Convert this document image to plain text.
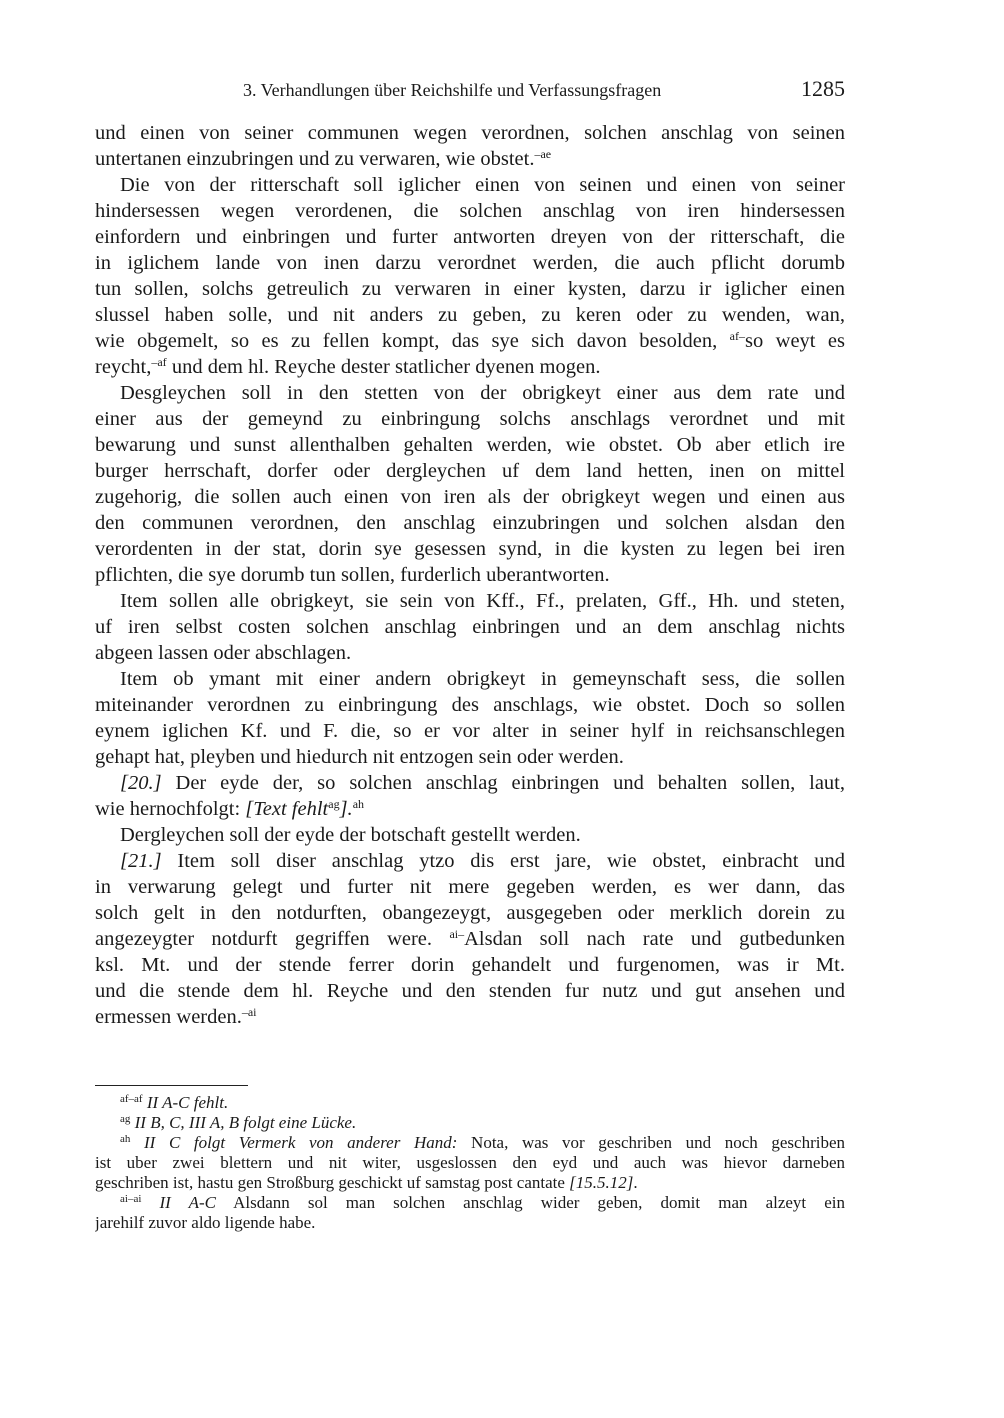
3. Verhandlungen über Reichshilfe und Verfassungsfragen	1285
und einen von seiner communen wegen verordnen, solchen anschlag von seinen
untertanen einzubringen und zu verwaren, wie obstet.$^{-ae}$
Die von der ritterschaft soll iglicher einen von seinen und einen von seiner
hindersessen wegen verordenen, die solchen anschlag von iren hindersessen
einfordern und einbringen und furter antworten dreyen von der ritterschaft, die
in iglichem lande von inen darzu verordnet werden, die auch pflicht dorumb
tun sollen, solchs getreulich zu verwaren in einer kysten, darzu ir iglicher einen
slussel haben solle, und nit anders zu geben, zu keren oder zu wenden, wan,
wie obgemelt, so es zu fellen kompt, das sye sich davon besolden, $^{af-}$so weyt es
reycht,$^{-af}$ und dem hl. Reyche dester statlicher dyenen mogen.
Desgleychen soll in den stetten von der obrigkeyt einer aus dem rate und
einer aus der gemeynd zu einbringung solchs anschlags verordnet und mit
bewarung und sunst allenthalben gehalten werden, wie obstet. Ob aber etlich ire
burger herrschaft, dorfer oder dergleychen uf dem land hetten, inen on mittel
zugehorig, die sollen auch einen von iren als der obrigkeyt wegen und einen aus
den communen verordnen, den anschlag einzubringen und solchen alsdan den
verordenten in der stat, dorin sye gesessen synd, in die kysten zu legen bei iren
pflichten, die sye dorumb tun sollen, furderlich uberantworten.
Item sollen alle obrigkeyt, sie sein von Kff., Ff., prelaten, Gff., Hh. und steten,
uf iren selbst costen solchen anschlag einbringen und an dem anschlag nichts
abgeen lassen oder abschlagen.
Item ob ymant mit einer andern obrigkeyt in gemeynschaft sess, die sollen
miteinander verordnen zu einbringung des anschlags, wie obstet. Doch so sollen
eynem iglichen Kf. und F. die, so er vor alter in seiner hylf in reichsanschlegen
gehapt hat, pleyben und hiedurch nit entzogen sein oder werden.
[20.] Der eyde der, so solchen anschlag einbringen und behalten sollen, laut,
wie hernochfolgt: [Text fehlt$^{ag}$].$^{ah}$
Dergleychen soll der eyde der botschaft gestellt werden.
[21.] Item soll diser anschlag ytzo dis erst jare, wie obstet, einbracht und
in verwarung gelegt und furter nit mere gegeben werden, es wer dann, das
solch gelt in den notdurften, obangezeygt, ausgegeben oder merklich dorein zu
angezeygter notdurft gegriffen were. $^{ai-}$Alsdan soll nach rate und gutbedunken
ksl. Mt. und der stende ferrer dorin gehandelt und furgenomen, was ir Mt.
und die stende dem hl. Reyche und den stenden fur nutz und gut ansehen und
ermessen werden.$^{-ai}$
$^{af-af}$ II A-C fehlt.
$^{ag}$ II B, C, III A, B folgt eine Lücke.
$^{ah}$ II C folgt Vermerk von anderer Hand: Nota, was vor geschriben und noch geschriben
ist uber zwei blettern und nit witer, usgeslossen den eyd und auch was hievor darneben
geschriben ist, hastu gen Stroßburg geschickt uf samstag post cantate [15.5.12].
$^{ai-ai}$ II A-C Alsdann sol man solchen anschlag wider geben, domit man alzeyt ein
jarehilf zuvor aldo ligende habe.
